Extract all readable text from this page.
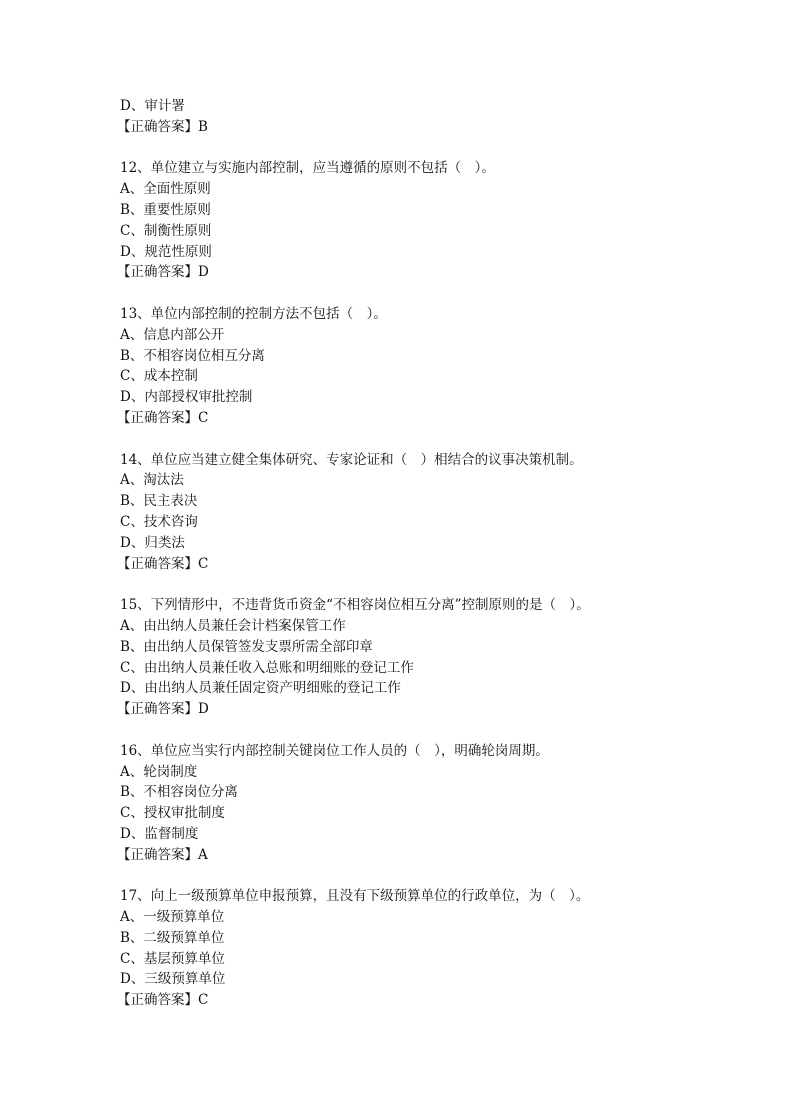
D、审计署
【正确答案】B
12、单位建立与实施内部控制，应当遵循的原则不包括（　）。
A、全面性原则
B、重要性原则
C、制衡性原则
D、规范性原则
【正确答案】D
13、单位内部控制的控制方法不包括（　）。
A、信息内部公开
B、不相容岗位相互分离
C、成本控制
D、内部授权审批控制
【正确答案】C
14、单位应当建立健全集体研究、专家论证和（　）相结合的议事决策机制。
A、淘汰法
B、民主表决
C、技术咨询
D、归类法
【正确答案】C
15、下列情形中，不违背货币资金“不相容岗位相互分离”控制原则的是（　）。
A、由出纳人员兼任会计档案保管工作
B、由出纳人员保管签发支票所需全部印章
C、由出纳人员兼任收入总账和明细账的登记工作
D、由出纳人员兼任固定资产明细账的登记工作
【正确答案】D
16、单位应当实行内部控制关键岗位工作人员的（　），明确轮岗周期。
A、轮岗制度
B、不相容岗位分离
C、授权审批制度
D、监督制度
【正确答案】A
17、向上一级预算单位申报预算，且没有下级预算单位的行政单位，为（　）。
A、一级预算单位
B、二级预算单位
C、基层预算单位
D、三级预算单位
【正确答案】C
